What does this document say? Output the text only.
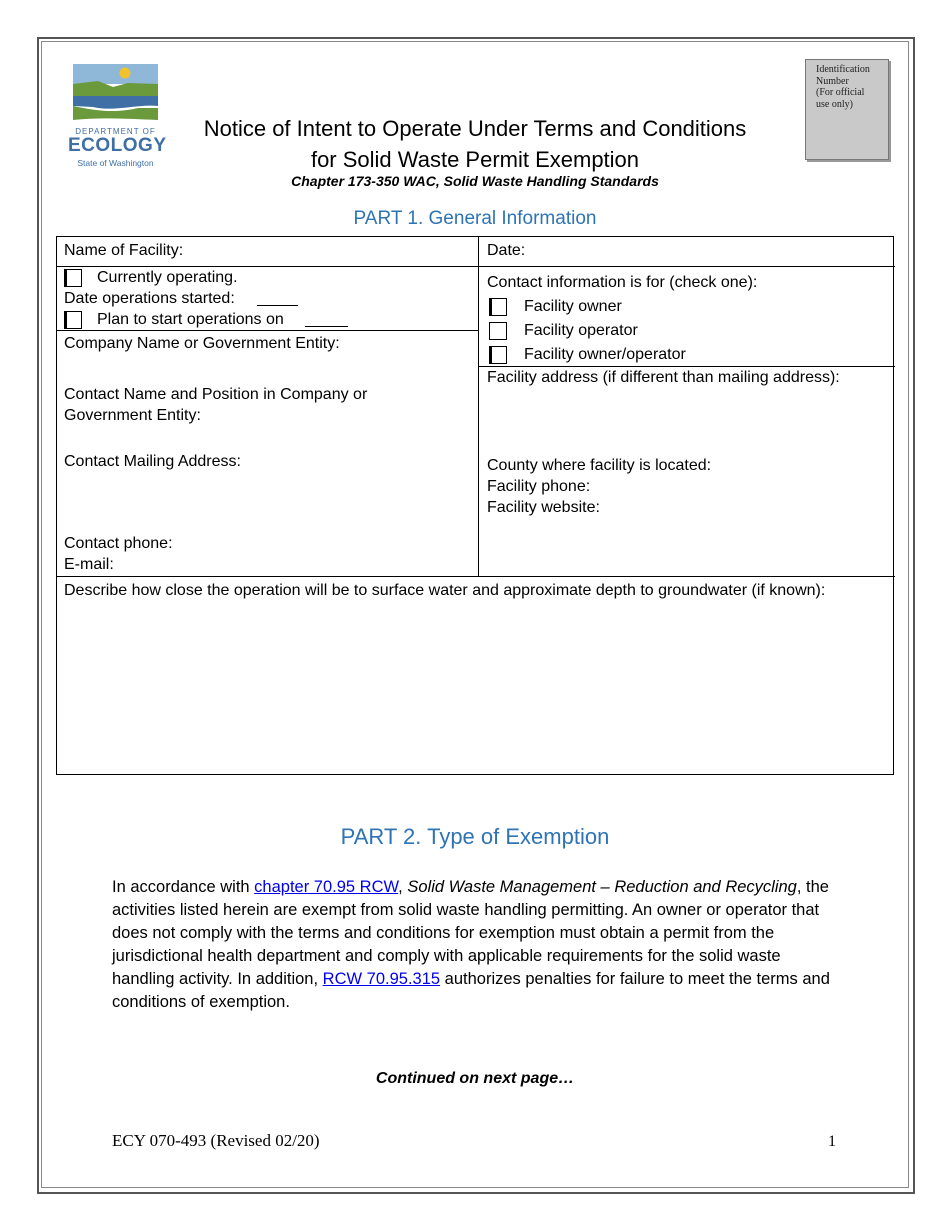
DEPARTMENT OF
ECOLOGY
State of Washington
Identification
Number
(For official
use only)
Notice of Intent to Operate Under Terms and Conditions
for Solid Waste Permit Exemption
Chapter 173-350 WAC, Solid Waste Handling Standards
PART 1. General Information
Name of Facility:	Date:
Currently operating.
Date operations started:
Plan to start operations on
Company Name or Government Entity:
Contact Name and Position in Company or
Government Entity:
Contact Mailing Address:
Contact phone:
E-mail:
Contact information is for (check one):
Facility owner
Facility operator
Facility owner/operator
Facility address (if different than mailing address):
County where facility is located:
Facility phone:
Facility website:
Describe how close the operation will be to surface water and approximate depth to groundwater (if known):
PART 2. Type of Exemption
In accordance with chapter 70.95 RCW, Solid Waste Management – Reduction and Recycling, the activities listed herein are exempt from solid waste handling permitting. An owner or operator that does not comply with the terms and conditions for exemption must obtain a permit from the jurisdictional health department and comply with applicable requirements for the solid waste handling activity. In addition, RCW 70.95.315 authorizes penalties for failure to meet the terms and conditions of exemption.
Continued on next page…
ECY 070-493 (Revised 02/20)	1
